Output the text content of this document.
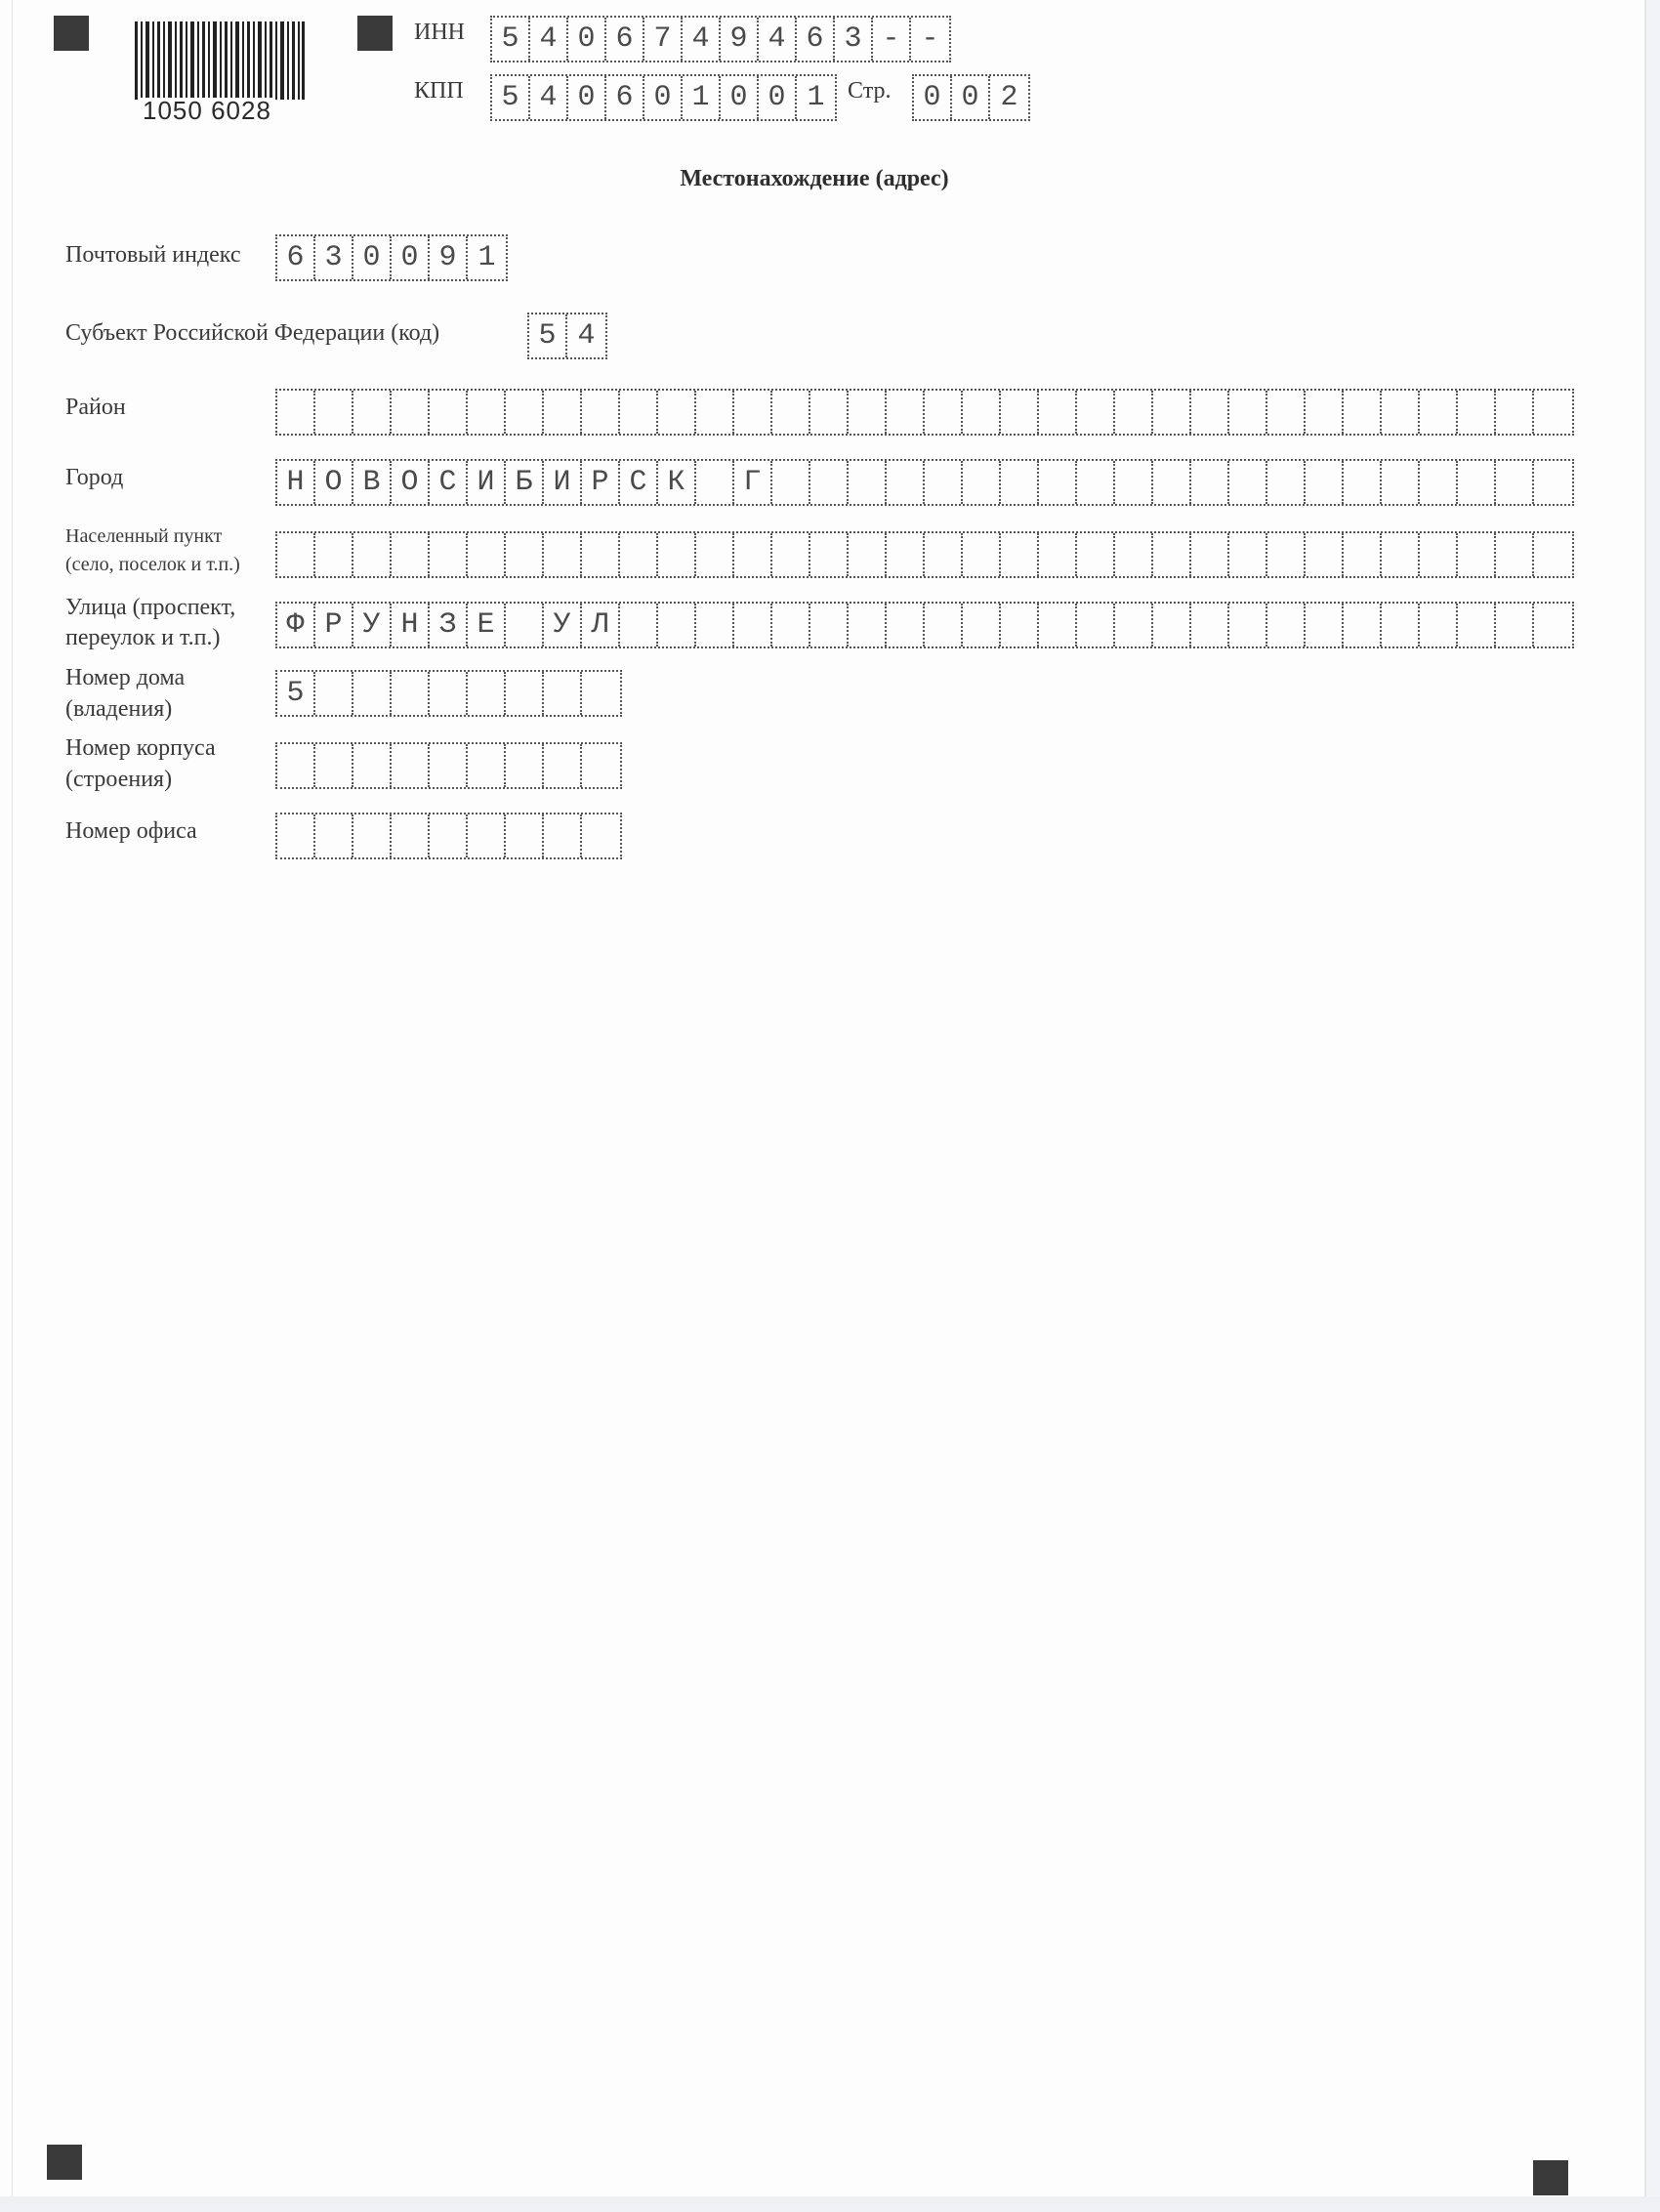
1050 6028
ИНН	5 4 0 6 7 4 9 4 6 3 - -
КПП	5 4 0 6 0 1 0 0 1 Стр.	0 0 2
Местонахождение (адрес)
Почтовый индекс	6 3 0 0 9 1
Субъект Российской Федерации (код)	5 4
Район
Город	Н О В О С И Б И Р С К	Г
Населенный пункт
(село, поселок и т.п.)
Улица (проспект,
переулок и т.п.)	Ф Р У Н З Е	У Л
Номер дома
(владения)	5
Номер корпуса
(строения)
Номер офиса
